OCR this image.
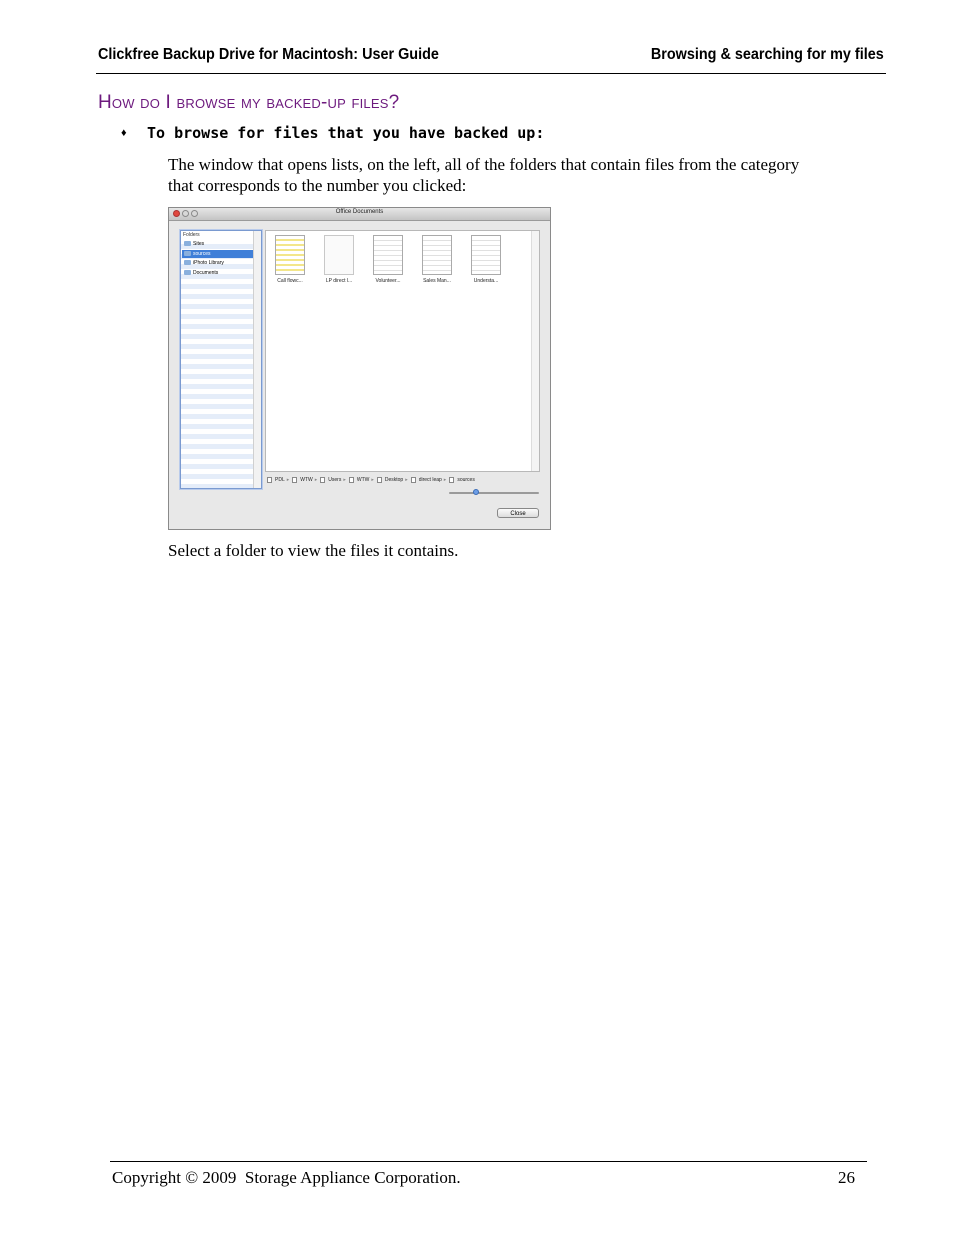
Clickfree Backup Drive for Macintosh: User Guide	Browsing & searching for my files
How do I browse my backed-up files?
♦ To browse for files that you have backed up:
The window that opens lists, on the left, all of the folders that contain files from the category that corresponds to the number you clicked:
Office Documents
Folders
Sites
sources
iPhoto Library
Documents
Call flowc...	LP direct l...	Volunteer...	Sales Man...	Understa...
PDL ▸ WTW ▸ Users ▸ WTW ▸ Desktop ▸ direct leap ▸ sources
Close
Select a folder to view the files it contains.
Copyright © 2009  Storage Appliance Corporation.	26
